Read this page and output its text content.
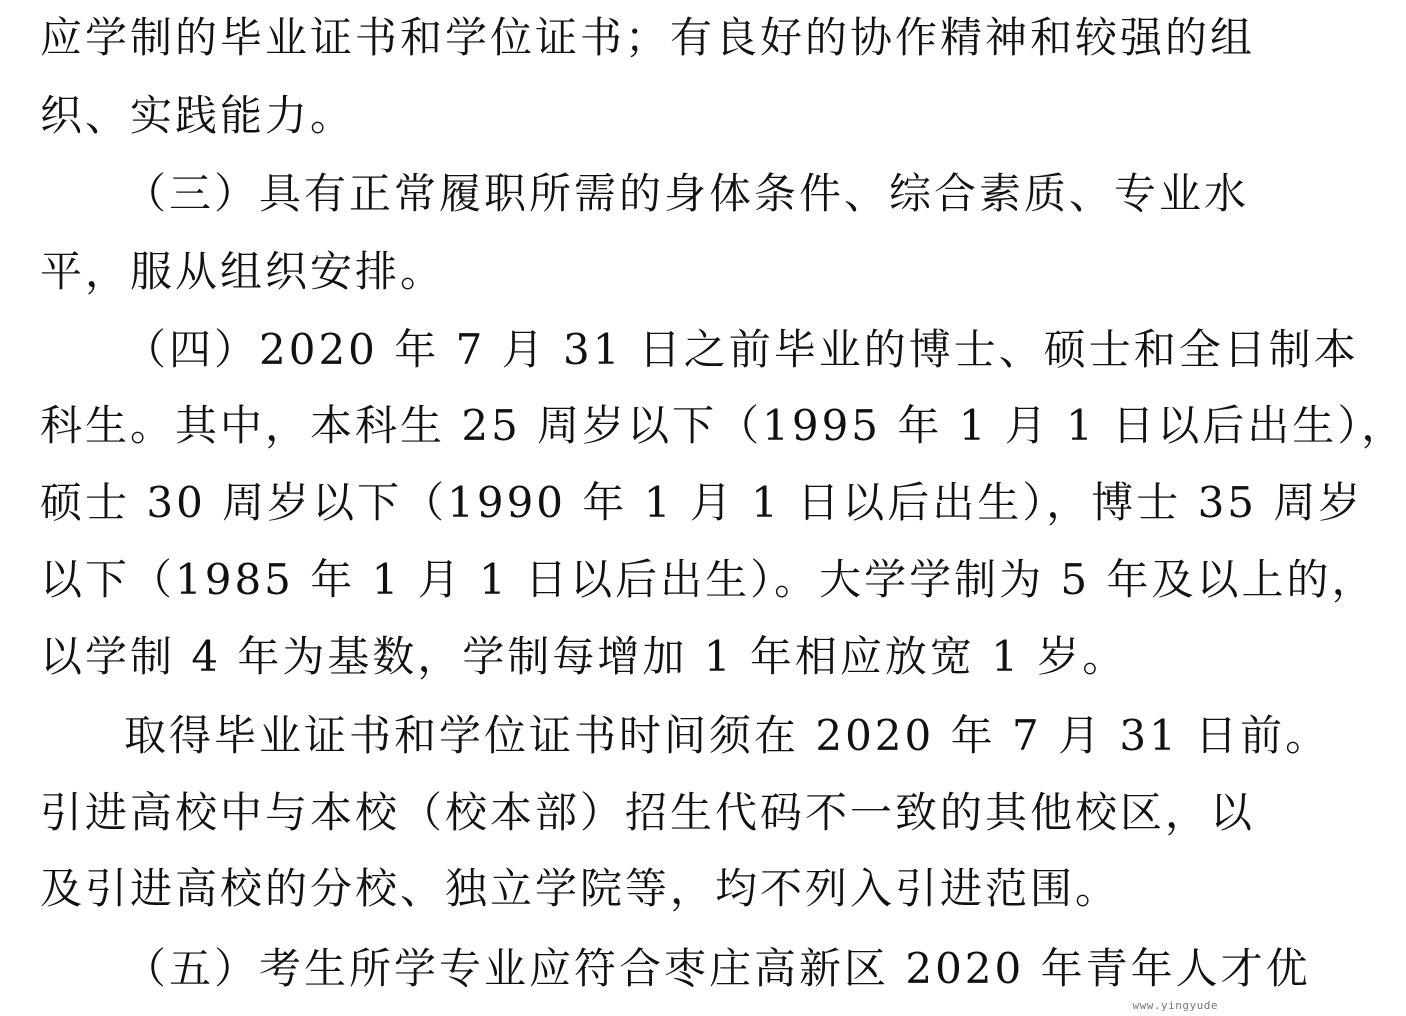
应学制的毕业证书和学位证书；有良好的协作精神和较强的组
织、实践能力。
（三）具有正常履职所需的身体条件、综合素质、专业水
平，服从组织安排。
（四）2020 年 7 月 31 日之前毕业的博士、硕士和全日制本
科生。其中，本科生 25 周岁以下（1995 年 1 月 1 日以后出生），
硕士 30 周岁以下（1990 年 1 月 1 日以后出生），博士 35 周岁
以下（1985 年 1 月 1 日以后出生）。大学学制为 5 年及以上的，
以学制 4 年为基数，学制每增加 1 年相应放宽 1 岁。
取得毕业证书和学位证书时间须在 2020 年 7 月 31 日前。
引进高校中与本校（校本部）招生代码不一致的其他校区，以
及引进高校的分校、独立学院等，均不列入引进范围。
（五）考生所学专业应符合枣庄高新区 2020 年青年人才优
www.yingyude
